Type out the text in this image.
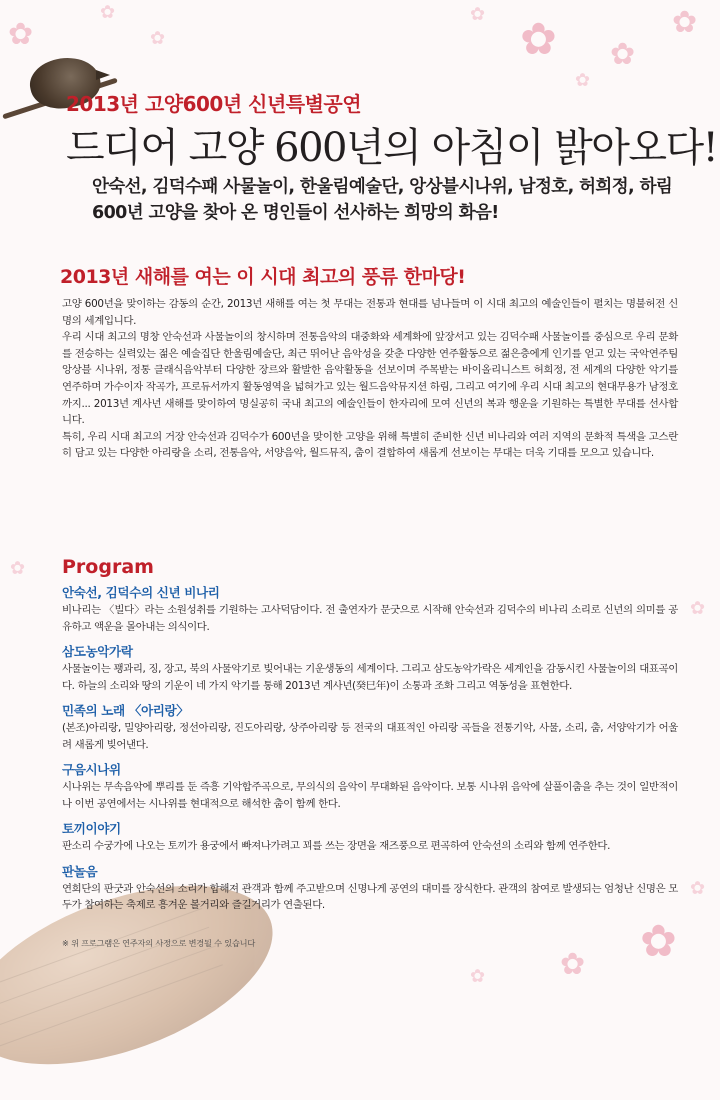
✿ ✿
✿	✿
✿
✿
✿	✿
✿
✿
✿
✿
✿
✿
2013년 고양600년 신년특별공연
드디어 고양 600년의 아침이 밝아오다!
안숙선, 김덕수패 사물놀이, 한울림예술단, 앙상블시나위, 남정호, 허희정, 하림
600년 고양을 찾아 온 명인들이 선사하는 희망의 화음!
2013년 새해를 여는 이 시대 최고의 풍류 한마당!

고양 600년을 맞이하는 감동의 순간, 2013년 새해를 여는 첫 무대는 전통과 현대를 넘나들며 이 시대 최고의 예술인들이 펼치는 명불허전 신명의 세계입니다.

우리 시대 최고의 명창 안숙선과 사물놀이의 창시하며 전통음악의 대중화와 세계화에 앞장서고 있는 김덕수패 사물놀이를 중심으로 우리 문화를 전승하는 실력있는 젊은 예술집단 한울림예술단, 최근 뛰어난 음악성을 갖춘 다양한 연주활동으로 젊은층에게 인기를 얻고 있는 국악연주팀 앙상블 시나위, 정통 클래식음악부터 다양한 장르와 활발한 음악활동을 선보이며 주목받는 바이올리니스트 허희정, 전 세계의 다양한 악기를 연주하며 가수이자 작곡가, 프로듀서까지 활동영역을 넓혀가고 있는 월드음악뮤지션 하림, 그리고 여기에 우리 시대 최고의 현대무용가 남정호까지... 2013년 계사년 새해를 맞이하여 명실공히 국내 최고의 예술인들이 한자리에 모여 신년의 복과 행운을 기원하는 특별한 무대를 선사합니다.

특히, 우리 시대 최고의 거장 안숙선과 김덕수가 600년을 맞이한 고양을 위해 특별히 준비한 신년 비나리와 여러 지역의 문화적 특색을 고스란히 담고 있는 다양한 아리랑을 소리, 전통음악, 서양음악, 월드뮤직, 춤이 결합하여 새롭게 선보이는 무대는 더욱 기대를 모으고 있습니다.

Program
안숙선, 김덕수의 신년 비나리
비나리는 〈빌다〉라는 소원성취를 기원하는 고사덕담이다. 전 출연자가 문굿으로 시작해 안숙선과 김덕수의 비나리 소리로 신년의 의미를 공유하고 액운을 몰아내는 의식이다.
삼도농악가락
사물놀이는 꽹과리, 징, 장고, 북의 사물악기로 빚어내는 기운생동의 세계이다. 그리고 삼도농악가락은 세계인을 감동시킨 사물놀이의 대표곡이다. 하늘의 소리와 땅의 기운이 네 가지 악기를 통해 2013년 계사년(癸巳年)이 소통과 조화 그리고 역동성을 표현한다.
민족의 노래 〈아리랑〉
(본조)아리랑, 밀양아리랑, 정선아리랑, 진도아리랑, 상주아리랑 등 전국의 대표적인 아리랑 곡들을 전통기악, 사물, 소리, 춤, 서양악기가 어울려 새롭게 빚어낸다.
구음시나위
시나위는 무속음악에 뿌리를 둔 즉흥 기악합주곡으로, 무의식의 음악이 무대화된 음악이다. 보통 시나위 음악에 살풀이춤을 추는 것이 일반적이나 이번 공연에서는 시나위를 현대적으로 해석한 춤이 함께 한다.
토끼이야기
판소리 수궁가에 나오는 토끼가 용궁에서 빠져나가려고 꾀를 쓰는 장면을 재즈풍으로 편곡하여 안숙선의 소리와 함께 연주한다.
판놀음
연희단의 판굿과 안숙선의 소리가 합해져 관객과 함께 주고받으며 신명나게 공연의 대미를 장식한다. 관객의 참여로 발생되는 엄청난 신명은 모두가 참여하는 축제로 흥겨운 볼거리와 즐길거리가 연출된다.
※ 위 프로그램은 연주자의 사정으로 변경될 수 있습니다
